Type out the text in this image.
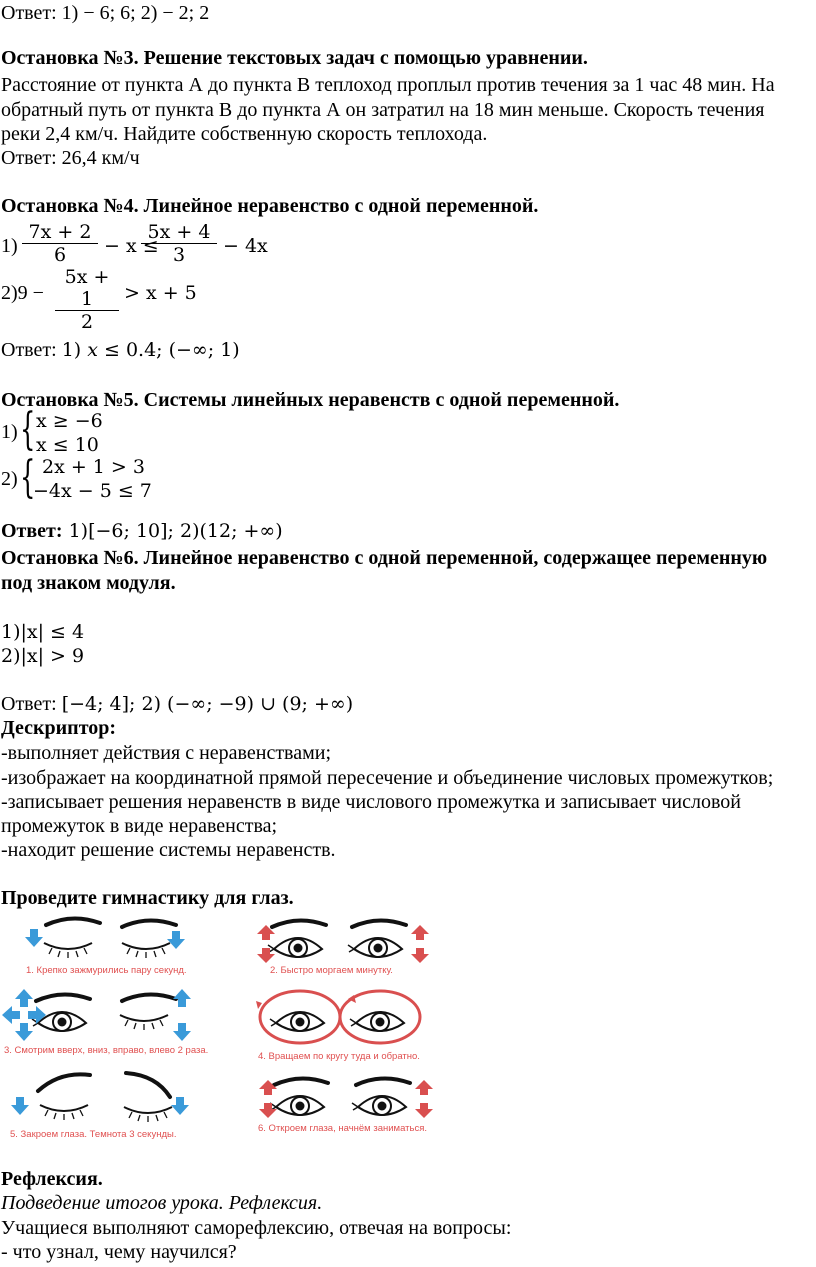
Ответ: 1) − 6; 6; 2) − 2; 2
Остановка №3. Решение текстовых задач с помощью уравнении.
Расстояние от пункта А до пункта В теплоход проплыл против течения за 1 час 48 мин. На
обратный путь от пункта В до пункта А он затратил на 18 мин меньше. Скорость течения
реки 2,4 км/ч. Найдите собственную скорость теплохода.
Ответ: 26,4 км/ч
Остановка №4. Линейное неравенство с одной переменной.
$1) \frac{7x + 2}{6} - x$ ≤
$\frac{5x + 4}{3} - 4x$
$2)9 - \frac{5x + 1}{2} > x + 5$
Ответ: 1) 𝑥 ≤ 0.4; (−∞; 1)
Остановка №5. Системы линейных неравенств с одной переменной.
1) { x ≥ −6
x ≤ 10
2) { 2x + 1 > 3
−4x − 5 ≤ 7
Ответ: 1)[−6; 10]; 2)(12; +∞)
Остановка №6. Линейное неравенство с одной переменной, содержащее переменную
под знаком модуля.
1)|x| ≤ 4
2)|x| > 9
Ответ: [−4; 4]; 2) (−∞; −9) ∪ (9; +∞)
Дескриптор:
-выполняет действия с неравенствами;
-изображает на координатной прямой пересечение и объединение числовых промежутков;
-записывает решения неравенств в виде числового промежутка и записывает числовой
промежуток в виде неравенства;
-находит решение системы неравенств.
Проведите гимнастику для глаз.
1. Крепко зажмурились пару секунд.	2. Быстро моргаем минутку.
3. Смотрим вверх, вниз, вправо, влево 2 раза.
4. Вращаем по кругу туда и обратно.
5. Закроем глаза. Темнота 3 секунды.
6. Откроем глаза, начнём заниматься.
Рефлексия.
Подведение итогов урока. Рефлексия.
Учащиеся выполняют саморефлексию, отвечая на вопросы:
- что узнал, чему научился?
